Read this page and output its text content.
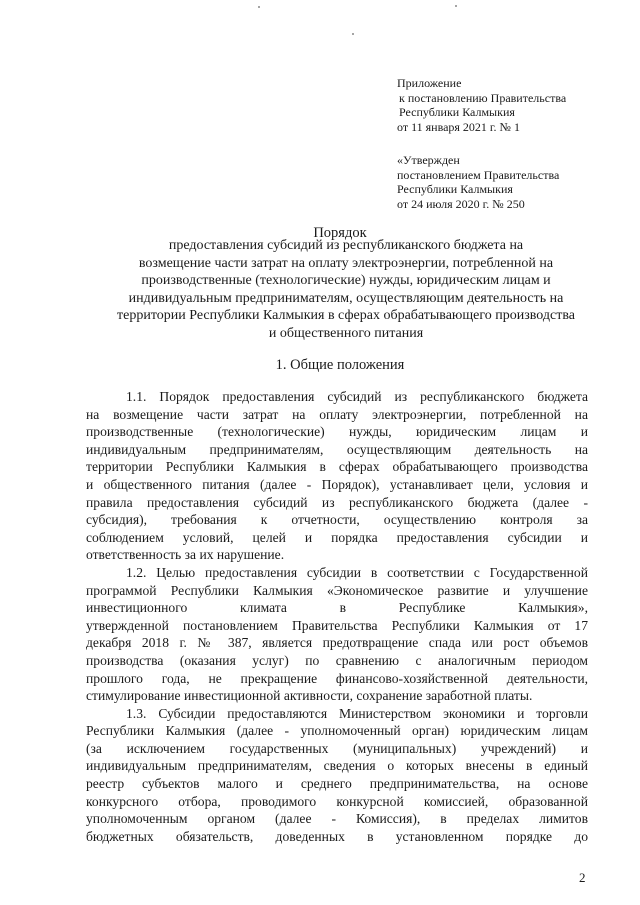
Приложение
к постановлению Правительства
Республики Калмыкия
от 11 января 2021 г. № 1
«Утвержден
постановлением Правительства
Республики Калмыкия
от 24 июля 2020 г. № 250
Порядок
предоставления субсидий из республиканского бюджета на
возмещение части затрат на оплату электроэнергии, потребленной на
производственные (технологические) нужды, юридическим лицам и
индивидуальным предпринимателям, осуществляющим деятельность на
территории Республики Калмыкия в сферах обрабатывающего производства
и общественного питания
1. Общие положения
1.1. Порядок предоставления субсидий из республиканского бюджета
на возмещение части затрат на оплату электроэнергии, потребленной на
производственные (технологические) нужды, юридическим лицам и
индивидуальным предпринимателям, осуществляющим деятельность на
территории Республики Калмыкия в сферах обрабатывающего производства
и общественного питания (далее - Порядок), устанавливает цели, условия и
правила предоставления субсидий из республиканского бюджета (далее -
субсидия), требования к отчетности, осуществлению контроля за
соблюдением условий, целей и порядка предоставления субсидии и
ответственность за их нарушение.
1.2. Целью предоставления субсидии в соответствии с Государственной
программой Республики Калмыкия «Экономическое развитие и улучшение
инвестиционного климата в Республике Калмыкия»,
утвержденной постановлением Правительства Республики Калмыкия от 17
декабря 2018 г. № 387, является предотвращение спада или рост объемов
производства (оказания услуг) по сравнению с аналогичным периодом
прошлого года, не прекращение финансово-хозяйственной деятельности,
стимулирование инвестиционной активности, сохранение заработной платы.
1.3. Субсидии предоставляются Министерством экономики и торговли
Республики Калмыкия (далее - уполномоченный орган) юридическим лицам
(за исключением государственных (муниципальных) учреждений) и
индивидуальным предпринимателям, сведения о которых внесены в единый
реестр субъектов малого и среднего предпринимательства, на основе
конкурсного отбора, проводимого конкурсной комиссией, образованной
уполномоченным органом (далее - Комиссия), в пределах лимитов
бюджетных обязательств, доведенных в установленном порядке до
2
